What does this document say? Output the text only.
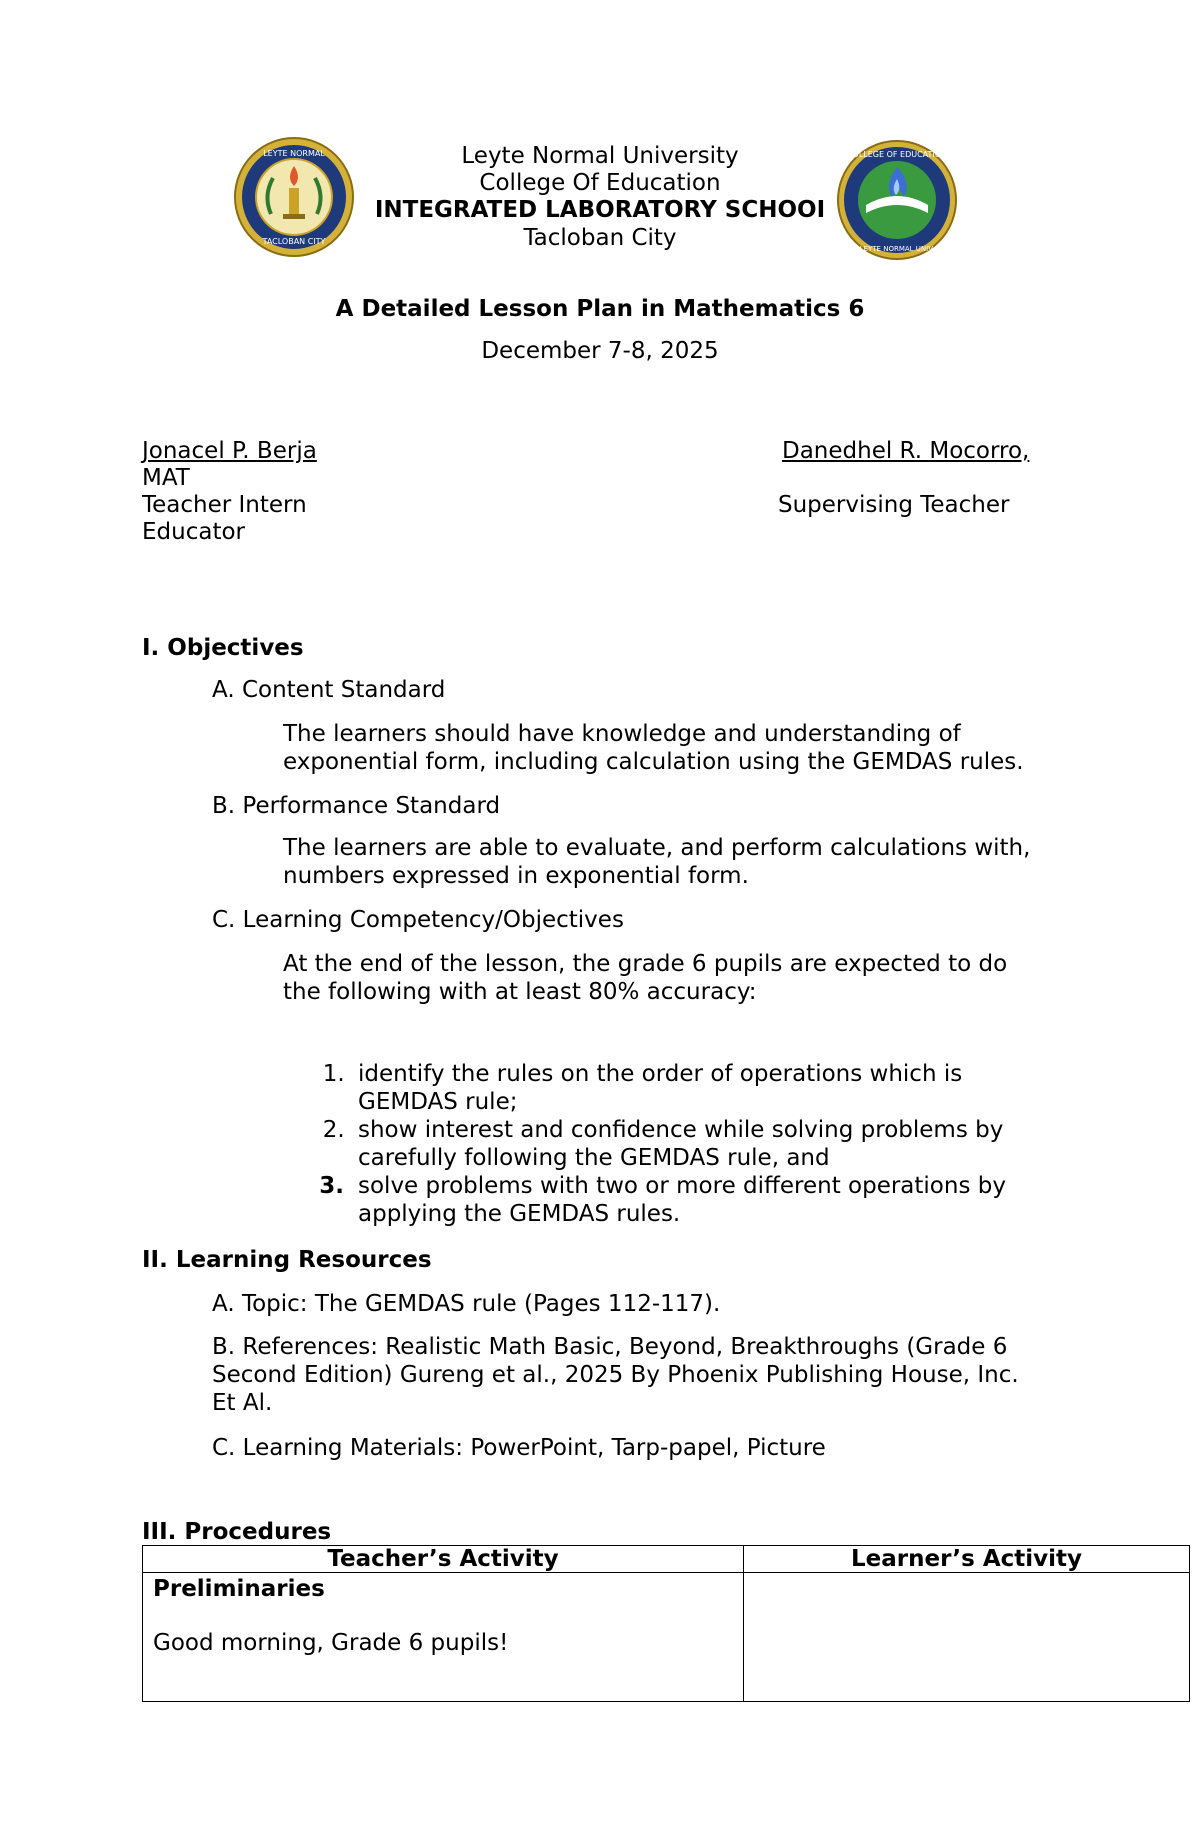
LEYTE NORMAL
TACLOBAN CITY
COLLEGE OF EDUCATION
LEYTE NORMAL UNIV.
Leyte Normal University
College Of Education
INTEGRATED LABORATORY SCHOOI
Tacloban City
A Detailed Lesson Plan in Mathematics 6
December 7-8, 2025
Jonacel P. Berja	Danedhel R. Mocorro,
MAT
Teacher Intern	Supervising Teacher
Educator
I. Objectives
A. Content Standard
The learners should have knowledge and understanding of
exponential form, including calculation using the GEMDAS rules.
B. Performance Standard
The learners are able to evaluate, and perform calculations with,
numbers expressed in exponential form.
C. Learning Competency/Objectives
At the end of the lesson, the grade 6 pupils are expected to do
the following with at least 80% accuracy:
1. identify the rules on the order of operations which is
GEMDAS rule;
2. show interest and confidence while solving problems by
carefully following the GEMDAS rule, and
3. solve problems with two or more different operations by
applying the GEMDAS rules.
II. Learning Resources
A. Topic: The GEMDAS rule (Pages 112-117).
B. References: Realistic Math Basic, Beyond, Breakthroughs (Grade 6
Second Edition) Gureng et al., 2025 By Phoenix Publishing House, Inc.
Et Al.
C. Learning Materials: PowerPoint, Tarp-papel, Picture
III. Procedures
Teacher’s Activity	Learner’s Activity

Preliminaries
Good morning, Grade 6 pupils!	
